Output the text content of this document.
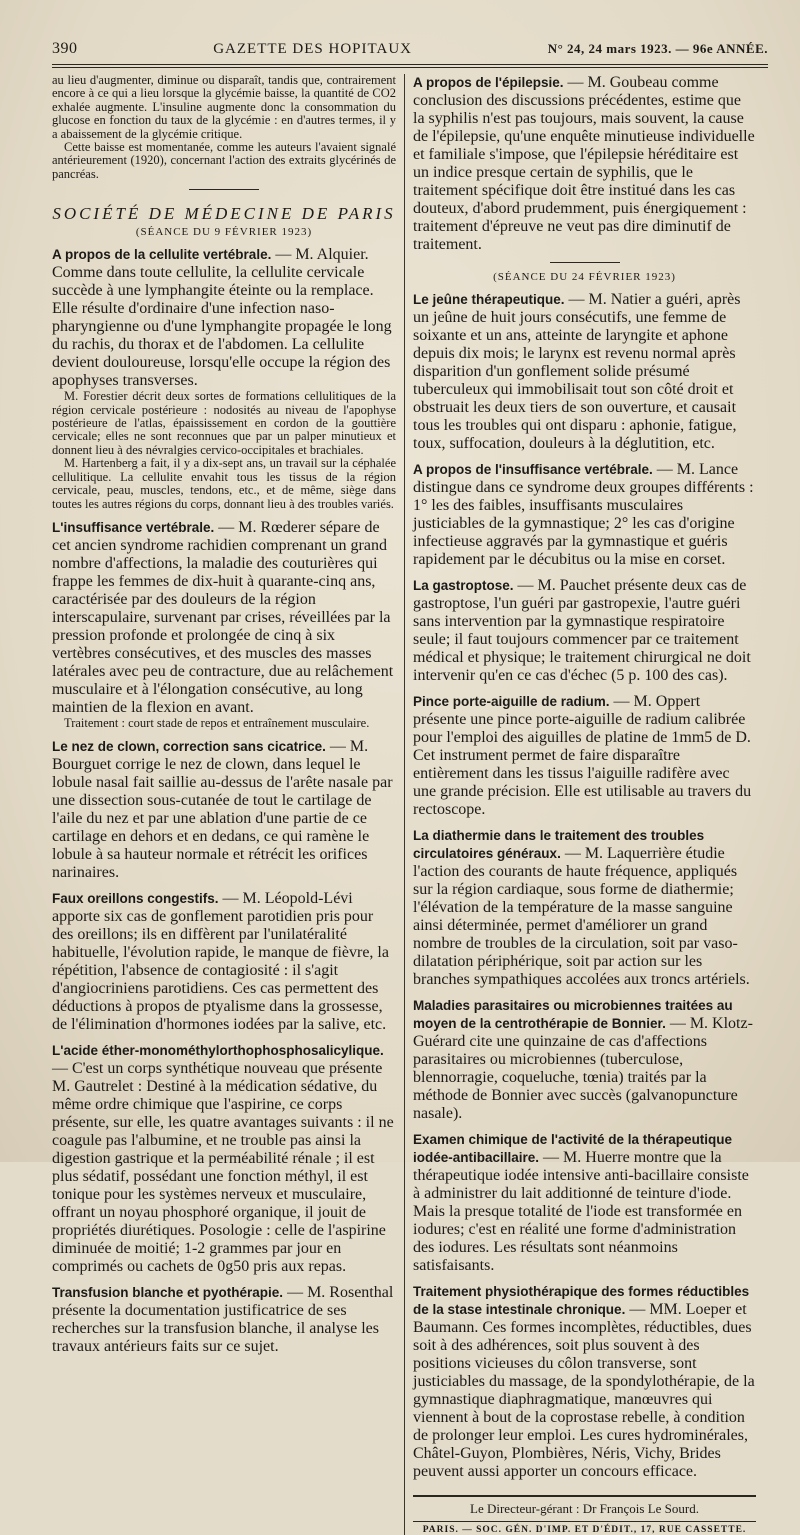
390	GAZETTE DES HOPITAUX	N° 24, 24 mars 1923. — 96e ANNÉE.

au lieu d'augmenter, diminue ou disparaît, tandis que, contrairement encore à ce qui a lieu lorsque la glycémie baisse, la quantité de CO2 exhalée augmente. L'insuline augmente donc la consommation du glucose en fonction du taux de la glycémie : en d'autres termes, il y a abaissement de la glycémie critique.

Cette baisse est momentanée, comme les auteurs l'avaient signalé antérieurement (1920), concernant l'action des extraits glycérinés de pancréas.

SOCIÉTÉ DE MÉDECINE DE PARIS
(SÉANCE DU 9 FÉVRIER 1923)

A propos de la cellulite vertébrale. — M. Alquier. Comme dans toute cellulite, la cellulite cervicale succède à une lymphangite éteinte ou la remplace. Elle résulte d'ordinaire d'une infection naso-pharyngienne ou d'une lymphangite propagée le long du rachis, du thorax et de l'abdomen. La cellulite devient douloureuse, lorsqu'elle occupe la région des apophyses transverses.

M. Forestier décrit deux sortes de formations cellulitiques de la région cervicale postérieure : nodosités au niveau de l'apophyse postérieure de l'atlas, épaississement en cordon de la gouttière cervicale; elles ne sont reconnues que par un palper minutieux et donnent lieu à des névralgies cervico-occipitales et brachiales.

M. Hartenberg a fait, il y a dix-sept ans, un travail sur la céphalée cellulitique. La cellulite envahit tous les tissus de la région cervicale, peau, muscles, tendons, etc., et de même, siège dans toutes les autres régions du corps, donnant lieu à des troubles variés.

L'insuffisance vertébrale. — M. Rœderer sépare de cet ancien syndrome rachidien comprenant un grand nombre d'affections, la maladie des couturières qui frappe les femmes de dix-huit à quarante-cinq ans, caractérisée par des douleurs de la région interscapulaire, survenant par crises, réveillées par la pression profonde et prolongée de cinq à six vertèbres consécutives, et des muscles des masses latérales avec peu de contracture, due au relâchement musculaire et à l'élongation consécutive, au long maintien de la flexion en avant.

Traitement : court stade de repos et entraînement musculaire.

Le nez de clown, correction sans cicatrice. — M. Bourguet corrige le nez de clown, dans lequel le lobule nasal fait saillie au-dessus de l'arête nasale par une dissection sous-cutanée de tout le cartilage de l'aile du nez et par une ablation d'une partie de ce cartilage en dehors et en dedans, ce qui ramène le lobule à sa hauteur normale et rétrécit les orifices narinaires.

Faux oreillons congestifs. — M. Léopold-Lévi apporte six cas de gonflement parotidien pris pour des oreillons; ils en diffèrent par l'unilatéralité habituelle, l'évolution rapide, le manque de fièvre, la répétition, l'absence de contagiosité : il s'agit d'angiocriniens parotidiens. Ces cas permettent des déductions à propos de ptyalisme dans la grossesse, de l'élimination d'hormones iodées par la salive, etc.

L'acide éther-monométhylorthophosphosalicylique. — C'est un corps synthétique nouveau que présente M. Gautrelet : Destiné à la médication sédative, du même ordre chimique que l'aspirine, ce corps présente, sur elle, les quatre avantages suivants : il ne coagule pas l'albumine, et ne trouble pas ainsi la digestion gastrique et la perméabilité rénale ; il est plus sédatif, possédant une fonction méthyl, il est tonique pour les systèmes nerveux et musculaire, offrant un noyau phosphoré organique, il jouit de propriétés diurétiques. Posologie : celle de l'aspirine diminuée de moitié; 1-2 grammes par jour en comprimés ou cachets de 0g50 pris aux repas.

Transfusion blanche et pyothérapie. — M. Rosenthal présente la documentation justificatrice de ses recherches sur la transfusion blanche, il analyse les travaux antérieurs faits sur ce sujet.

A propos de l'épilepsie. — M. Goubeau comme conclusion des discussions précédentes, estime que la syphilis n'est pas toujours, mais souvent, la cause de l'épilepsie, qu'une enquête minutieuse individuelle et familiale s'impose, que l'épilepsie héréditaire est un indice presque certain de syphilis, que le traitement spécifique doit être institué dans les cas douteux, d'abord prudemment, puis énergiquement : traitement d'épreuve ne veut pas dire diminutif de traitement.

(SÉANCE DU 24 FÉVRIER 1923)

Le jeûne thérapeutique. — M. Natier a guéri, après un jeûne de huit jours consécutifs, une femme de soixante et un ans, atteinte de laryngite et aphone depuis dix mois; le larynx est revenu normal après disparition d'un gonflement solide présumé tuberculeux qui immobilisait tout son côté droit et obstruait les deux tiers de son ouverture, et causait tous les troubles qui ont disparu : aphonie, fatigue, toux, suffocation, douleurs à la déglutition, etc.

A propos de l'insuffisance vertébrale. — M. Lance distingue dans ce syndrome deux groupes différents : 1° les des faibles, insuffisants musculaires justiciables de la gymnastique; 2° les cas d'origine infectieuse aggravés par la gymnastique et guéris rapidement par le décubitus ou la mise en corset.

La gastroptose. — M. Pauchet présente deux cas de gastroptose, l'un guéri par gastropexie, l'autre guéri sans intervention par la gymnastique respiratoire seule; il faut toujours commencer par ce traitement médical et physique; le traitement chirurgical ne doit intervenir qu'en ce cas d'échec (5 p. 100 des cas).

Pince porte-aiguille de radium. — M. Oppert présente une pince porte-aiguille de radium calibrée pour l'emploi des aiguilles de platine de 1mm5 de D. Cet instrument permet de faire disparaître entièrement dans les tissus l'aiguille radifère avec une grande précision. Elle est utilisable au travers du rectoscope.

La diathermie dans le traitement des troubles circulatoires généraux. — M. Laquerrière étudie l'action des courants de haute fréquence, appliqués sur la région cardiaque, sous forme de diathermie; l'élévation de la température de la masse sanguine ainsi déterminée, permet d'améliorer un grand nombre de troubles de la circulation, soit par vaso-dilatation périphérique, soit par action sur les branches sympathiques accolées aux troncs artériels.

Maladies parasitaires ou microbiennes traitées au moyen de la centrothérapie de Bonnier. — M. Klotz-Guérard cite une quinzaine de cas d'affections parasitaires ou microbiennes (tuberculose, blennorragie, coqueluche, tœnia) traités par la méthode de Bonnier avec succès (galvanopuncture nasale).

Examen chimique de l'activité de la thérapeutique iodée-antibacillaire. — M. Huerre montre que la thérapeutique iodée intensive anti-bacillaire consiste à administrer du lait additionné de teinture d'iode. Mais la presque totalité de l'iode est transformée en iodures; c'est en réalité une forme d'administration des iodures. Les résultats sont néanmoins satisfaisants.

Traitement physiothérapique des formes réductibles de la stase intestinale chronique. — MM. Loeper et Baumann. Ces formes incomplètes, réductibles, dues soit à des adhérences, soit plus souvent à des positions vicieuses du côlon transverse, sont justiciables du massage, de la spondylothérapie, de la gymnastique diaphragmatique, manœuvres qui viennent à bout de la coprostase rebelle, à condition de prolonger leur emploi. Les cures hydrominérales, Châtel-Guyon, Plombières, Néris, Vichy, Brides peuvent aussi apporter un concours efficace.

Le Directeur-gérant : Dr François Le Sourd.
PARIS. — SOC. GÉN. D'IMP. ET D'ÉDIT., 17, RUE CASSETTE.
